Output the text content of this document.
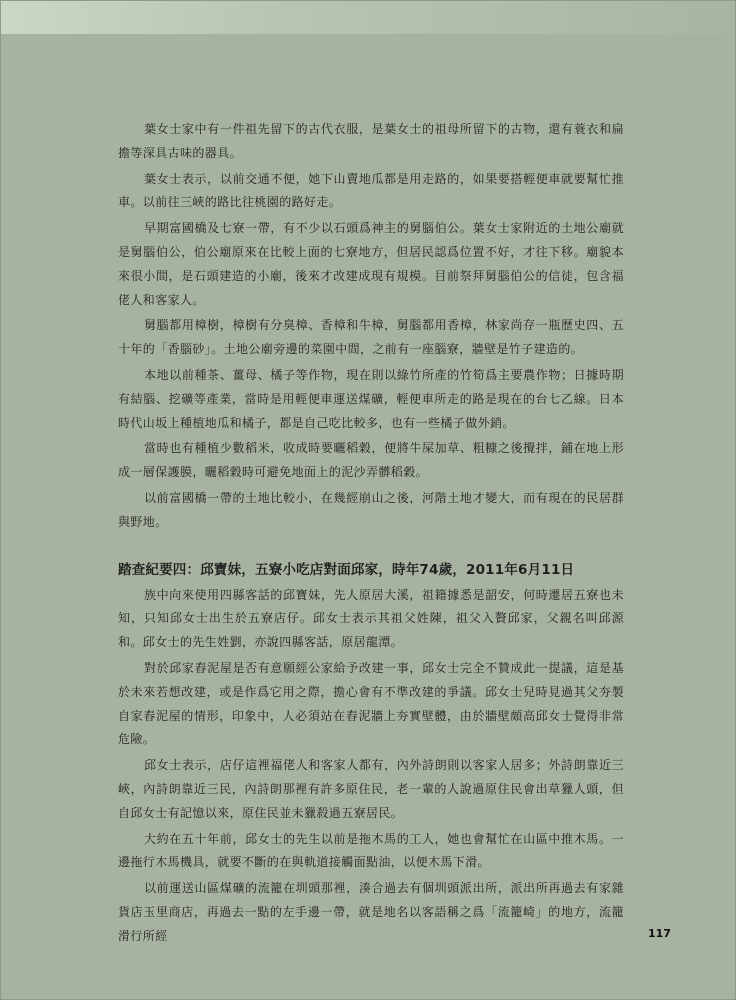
葉女士家中有一件祖先留下的古代衣服，是葉女士的祖母所留下的古物，還有蓑衣和扁擔等深具古味的器具。

葉女士表示，以前交通不便，她下山賣地瓜都是用走路的，如果要搭輕便車就要幫忙推車。以前往三峽的路比往桃園的路好走。

早期富國橋及七寮一帶，有不少以石頭爲神主的舅腦伯公。葉女士家附近的土地公廟就是舅腦伯公，伯公廟原來在比較上面的七寮地方，但居民認爲位置不好，才往下移。廟貌本來很小間，是石頭建造的小廟，後來才改建成現有規模。目前祭拜舅腦伯公的信徒，包含福佬人和客家人。

舅腦都用樟樹，樟樹有分臭樟、香樟和牛樟，舅腦都用香樟，林家尚存一瓶歷史四、五十年的「香腦砂」。土地公廟旁邊的菜園中間，之前有一座腦寮，牆壁是竹子建造的。

本地以前種茶、薑母、橘子等作物，現在則以綠竹所產的竹筍爲主要農作物；日據時期有結腦、挖礦等產業，當時是用輕便車運送煤礦，輕便車所走的路是現在的台七乙線。日本時代山坂上種植地瓜和橘子，都是自己吃比較多，也有一些橘子做外銷。

當時也有種植少數稻米，收成時要曬稻穀，便將牛屎加草、粗糠之後攪拌，鋪在地上形成一層保護膜，曬稻穀時可避免地面上的泥沙弄髒稻穀。

以前富國橋一帶的土地比較小，在幾經崩山之後，河階土地才變大，而有現在的民居群與野地。

踏查紀要四：邱寶妹，五寮小吃店對面邱家，時年74歲，2011年6月11日

族中向來使用四縣客話的邱寶妹，先人原居大溪，祖籍據悉是韶安，何時遷居五寮也未知，只知邱女士出生於五寮店仔。邱女士表示其祖父姓陳，祖父入贅邱家，父親名叫邱源和。邱女士的先生姓劉，亦說四縣客話，原居龍潭。

對於邱家舂泥屋是否有意願經公家給予改建一事，邱女士完全不贊成此一提議，這是基於未來若想改建，或是作爲它用之際，擔心會有不準改建的爭議。邱女士兒時見過其父夯製自家舂泥屋的情形，印象中，人必須站在舂泥牆上夯實壁體，由於牆壁頗高邱女士覺得非常危險。

邱女士表示，店仔這裡福佬人和客家人都有，內外詩朗則以客家人居多；外詩朗靠近三峽，內詩朗靠近三民，內詩朗那裡有許多原住民，老一輩的人說過原住民會出草獵人頭，但自邱女士有記憶以來，原住民並未獵殺過五寮居民。

大約在五十年前，邱女士的先生以前是拖木馬的工人，她也會幫忙在山區中推木馬。一邊拖行木馬機具，就要不斷的在與軌道接觸面點油，以便木馬下滑。

以前運送山區煤礦的流籠在圳頭那裡，湊合過去有個圳頭派出所，派出所再過去有家雜貨店玉里商店，再過去一點的左手邊一帶，就是地名以客語稱之爲「流籠崎」的地方，流籠滑行所經	117
